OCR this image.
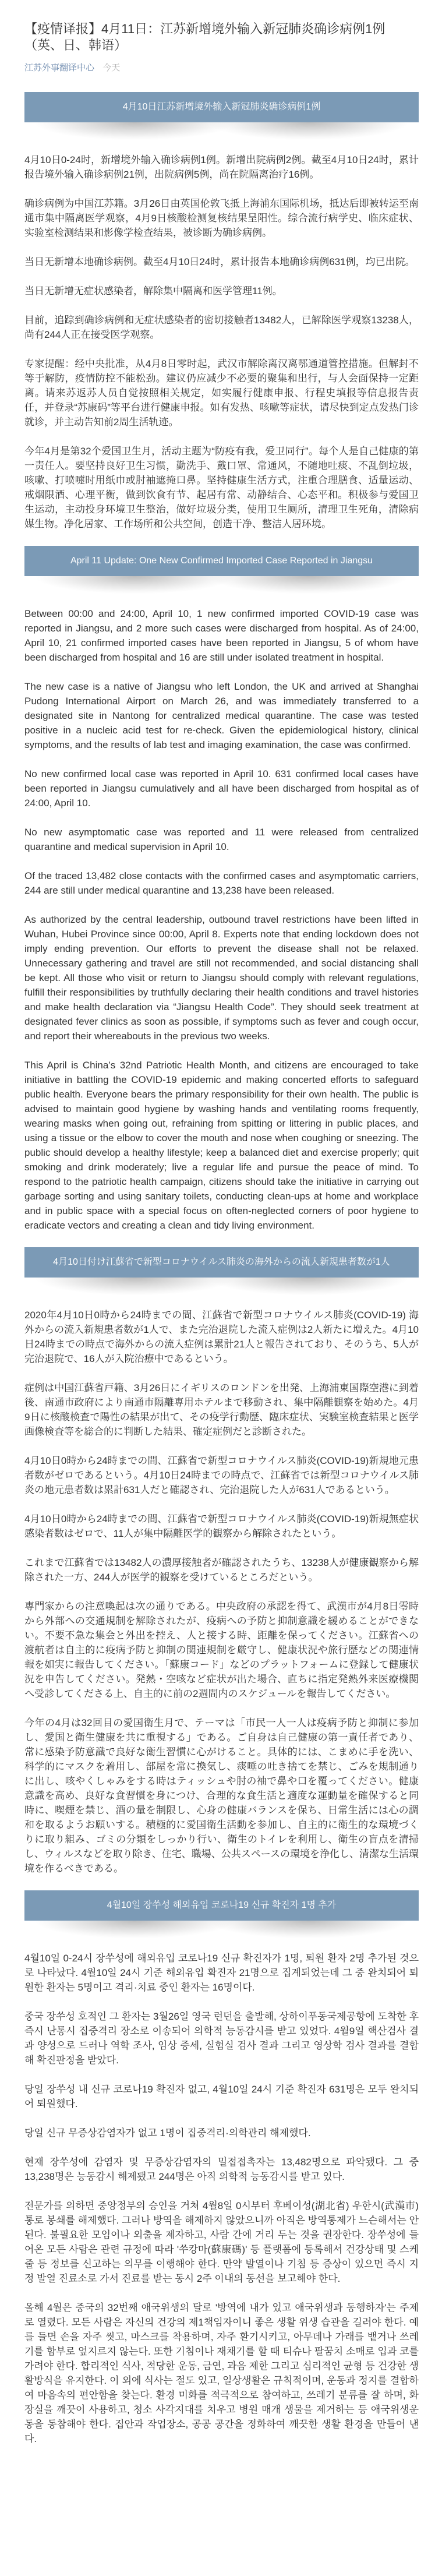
【疫情译报】4月11日：江苏新增境外输入新冠肺炎确诊病例1例（英、日、韩语）
江苏外事翻译中心 今天
4月10日江苏新增境外输入新冠肺炎确诊病例1例

4月10日0-24时，新增境外输入确诊病例1例。新增出院病例2例。截至4月10日24时，累计报告境外输入确诊病例21例，出院病例5例，尚在院隔离治疗16例。

确诊病例为中国江苏籍。3月26日由英国伦敦飞抵上海浦东国际机场，抵达后即被转运至南通市集中隔离医学观察，4月9日核酸检测复核结果呈阳性。综合流行病学史、临床症状、实验室检测结果和影像学检查结果，被诊断为确诊病例。

当日无新增本地确诊病例。截至4月10日24时，累计报告本地确诊病例631例，均已出院。

当日无新增无症状感染者，解除集中隔离和医学管理11例。

目前，追踪到确诊病例和无症状感染者的密切接触者13482人，已解除医学观察13238人，尚有244人正在接受医学观察。

专家提醒：经中央批准，从4月8日零时起，武汉市解除离汉离鄂通道管控措施。但解封不等于解防，疫情防控不能松劲。建议仍应减少不必要的聚集和出行，与人会面保持一定距离。请来苏返苏人员自觉按照相关规定，如实履行健康申报、行程史填报等信息报告责任，并登录“苏康码”等平台进行健康申报。如有发热、咳嗽等症状，请尽快到定点发热门诊就诊，并主动告知前2周生活轨迹。

今年4月是第32个爱国卫生月，活动主题为“防疫有我，爱卫同行”。每个人是自己健康的第一责任人。要坚持良好卫生习惯，勤洗手、戴口罩、常通风，不随地吐痰、不乱倒垃圾，咳嗽、打喷嚏时用纸巾或肘袖遮掩口鼻。坚持健康生活方式，注重合理膳食、适量运动、戒烟限酒、心理平衡，做到饮食有节、起居有常、动静结合、心态平和。积极参与爱国卫生运动，主动投身环境卫生整治，做好垃圾分类，使用卫生厕所，清理卫生死角，清除病媒生物。净化居家、工作场所和公共空间，创造干净、整洁人居环境。

April 11 Update: One New Confirmed Imported Case Reported in Jiangsu

Between 00:00 and 24:00, April 10, 1 new confirmed imported COVID-19 case was reported in Jiangsu, and 2 more such cases were discharged from hospital. As of 24:00, April 10, 21 confirmed imported cases have been reported in Jiangsu, 5 of whom have been discharged from hospital and 16 are still under isolated treatment in hospital.

The new case is a native of Jiangsu who left London, the UK and arrived at Shanghai Pudong International Airport on March 26, and was immediately transferred to a designated site in Nantong for centralized medical quarantine. The case was tested positive in a nucleic acid test for re-check. Given the epidemiological history, clinical symptoms, and the results of lab test and imaging examination, the case was confirmed.

No new confirmed local case was reported in April 10. 631 confirmed local cases have been reported in Jiangsu cumulatively and all have been discharged from hospital as of 24:00, April 10.

No new asymptomatic case was reported and 11 were released from centralized quarantine and medical supervision in April 10.

Of the traced 13,482 close contacts with the confirmed cases and asymptomatic carriers, 244 are still under medical quarantine and 13,238 have been released.

As authorized by the central leadership, outbound travel restrictions have been lifted in Wuhan, Hubei Province since 00:00, April 8. Experts note that ending lockdown does not imply ending prevention. Our efforts to prevent the disease shall not be relaxed. Unnecessary gathering and travel are still not recommended, and social distancing shall be kept. All those who visit or return to Jiangsu should comply with relevant regulations, fulfill their responsibilities by truthfully declaring their health conditions and travel histories and make health declaration via “Jiangsu Health Code”. They should seek treatment at designated fever clinics as soon as possible, if symptoms such as fever and cough occur, and report their whereabouts in the previous two weeks.

This April is China’s 32nd Patriotic Health Month, and citizens are encouraged to take initiative in battling the COVID-19 epidemic and making concerted efforts to safeguard public health. Everyone bears the primary responsibility for their own health. The public is advised to maintain good hygiene by washing hands and ventilating rooms frequently, wearing masks when going out, refraining from spitting or littering in public places, and using a tissue or the elbow to cover the mouth and nose when coughing or sneezing. The public should develop a healthy lifestyle; keep a balanced diet and exercise properly; quit smoking and drink moderately; live a regular life and pursue the peace of mind. To respond to the patriotic health campaign, citizens should take the initiative in carrying out garbage sorting and using sanitary toilets, conducting clean-ups at home and workplace and in public space with a special focus on often-neglected corners of poor hygiene to eradicate vectors and creating a clean and tidy living environment.

4月10日付け江蘇省で新型コロナウイルス肺炎の海外からの流入新規患者数が1人

2020年4月10日0時から24時までの間、江蘇省で新型コロナウイルス肺炎(COVID-19) 海外からの流入新規患者数が1人で、また完治退院した流入症例は2人新たに増えた。4月10日24時までの時点で海外からの流入症例は累計21人と報告されており、そのうち、5人が完治退院で、16人が入院治療中であるという。

症例は中国江蘇省戸籍、3月26日にイギリスのロンドンを出発、上海浦東国際空港に到着後、南通市政府により南通市隔離専用ホテルまで移動され、集中隔離観察を始めた。4月9日に核酸検査で陽性の結果が出て、その疫学行動歴、臨床症状、実験室検査結果と医学画像検査等を総合的に判断した結果、確定症例だと診断された。

4月10日0時から24時までの間、江蘇省で新型コロナウイルス肺炎(COVID-19)新規地元患者数がゼロであるという。4月10日24時までの時点で、江蘇省では新型コロナウイルス肺炎の地元患者数は累計631人だと確認され、完治退院した人が631人であるという。

4月10日0時から24時までの間、江蘇省で新型コロナウイルス肺炎(COVID-19)新規無症状感染者数はゼロで、11人が集中隔離医学的観察から解除されたという。

これまで江蘇省では13482人の濃厚接触者が確認されたうち、13238人が健康観察から解除された一方、244人が医学的観察を受けているところだという。

専門家からの注意喚起は次の通りである。中央政府の承認を得て、武漢市が4月8日零時から外部への交通規制を解除されたが、疫病への予防と抑制意識を緩めることができない。不要不急な集会と外出を控え、人と接する時、距離を保ってください。江蘇省への渡航者は自主的に疫病予防と抑制の関連規制を厳守し、健康状況や旅行歴などの関連情報を如実に報告してください。「蘇康コード」などのプラットフォームに登録して健康状況を申告してください。発熱・空咳など症状が出た場合、直ちに指定発熱外来医療機関へ受診してくださる上、自主的に前の2週間内のスケジュールを報告してください。

今年の4月は32回目の愛国衛生月で、テーマは「市民一人一人は疫病予防と抑制に参加し、愛国と衛生健康を共に重視する」である。ご自身は自己健康の第一責任者であり、常に感染予防意識で良好な衛生習慣に心がけること。具体的には、こまめに手を洗い、科学的にマスクを着用し、部屋を常に換気し、痰唾の吐き捨てを禁じ、ごみを規制通りに出し、咳やくしゃみをする時はティッシュや肘の袖で鼻や口を覆ってください。健康意識を高め、良好な食習慣を身につけ、合理的な食生活と適度な運動量を確保すると同時に、喫煙を禁じ、酒の量を制限し、心身の健康バランスを保ち、日常生活には心の調和を取るようお願いする。積極的に愛国衛生活動を参加し、自主的に衛生的な環境づくりに取り組み、ゴミの分類をしっかり行い、衛生のトイレを利用し、衛生の盲点を清掃し、ウィルスなどを取り除き、住宅、職場、公共スペースの環境を浄化し、清潔な生活環境を作るべきである。

4월10일 장쑤성 해외유입 코로나19 신규 확진자 1명 추가

4월10일 0-24시 장쑤성에 해외유입 코로나19 신규 확진자가 1명, 퇴원 환자 2명 추가된 것으로 나타났다. 4월10일 24시 기준 해외유입 확진자 21명으로 집계되었는데 그 중 완치되어 퇴원한 환자는 5명이고 격리·치료 중인 환자는 16명이다.

중국 장쑤성 호적인 그 환자는 3월26일 영국 런던을 출발해, 상하이푸동국제공항에 도착한 후 즉시 난통시 집중격리 장소로 이송되어 의학적 능동감시를 받고 있었다. 4월9일 핵산검사 결과 양성으로 드러나 역학 조사, 임상 증세, 실험실 검사 결과 그리고 영상학 검사 결과를 결합해 확진판정을 받았다.

당일 장쑤성 내 신규 코로나19 확진자 없고, 4월10일 24시 기준 확진자 631명은 모두 완치되어 퇴원했다.

당일 신규 무증상감염자가 없고 1명이 집중격리·의학관리 해제했다.

현재 장쑤성에 감염자 및 무증상감염자의 밀접접촉자는 13,482명으로 파악됐다. 그 중 13,238명은 능동감시 해제됐고 244명은 아직 의학적 능동감시를 받고 있다.

전문가를 의하면 중앙정부의 승인을 거쳐 4월8일 0시부터 후베이성(湖北省) 우한시(武漢市) 통로 봉쇄를 해제했다. 그러나 방역을 해제하지 않았으니까 아직은 방역통제가 느슨해서는 안 된다. 불필요한 모임이나 외출을 제자하고, 사람 간에 거리 두는 것을 권장한다. 장쑤성에 들어온 모든 사람은 관련 규정에 따라 '쑤캉마(蘇康碼)' 등 플랫폼에 등록해서 건강상태 및 스케줄 등 정보를 신고하는 의무를 이행해야 한다. 만약 발열이나 기침 등 증상이 있으면 즉시 지정 발열 진료소로 가서 진료를 받는 동시 2주 이내의 동선을 보고해야 한다.

올해 4월은 중국의 32번째 애국위생의 달로 '방역에 내가 있고 애국위생과 동행하자'는 주제로 열렸다. 모든 사람은 자신의 건강의 제1책임자이니 좋은 생활 위생 습관을 길러야 한다. 예를 들면 손을 자주 씻고, 마스크를 착용하며, 자주 환기시키고, 아무데나 가래를 뱉거나 쓰레기를 함부로 엎지르지 않는다. 또한 기침이나 재채기를 할 때 티슈나 팔꿈치 소매로 입과 코를 가려야 한다. 합리적인 식사, 적당한 운동, 금연, 과음 제한 그리고 심리적인 균형 등 건강한 생활방식을 유지한다. 이 외에 식사는 절도 있고, 일상생활은 규칙적이며, 운동과 정지를 결합하여 마음속의 편안함을 찾는다. 환경 미화를 적극적으로 참여하고, 쓰레기 분류를 잘 하며, 화장실을 깨끗이 사용하고, 청소 사각지대를 치우고 병원 매개 생물을 제거하는 등 애국위생운동을 동참해야 한다. 집안과 작업장소, 공공 공간을 정화하여 깨끗한 생활 환경을 만들어 낸다.
